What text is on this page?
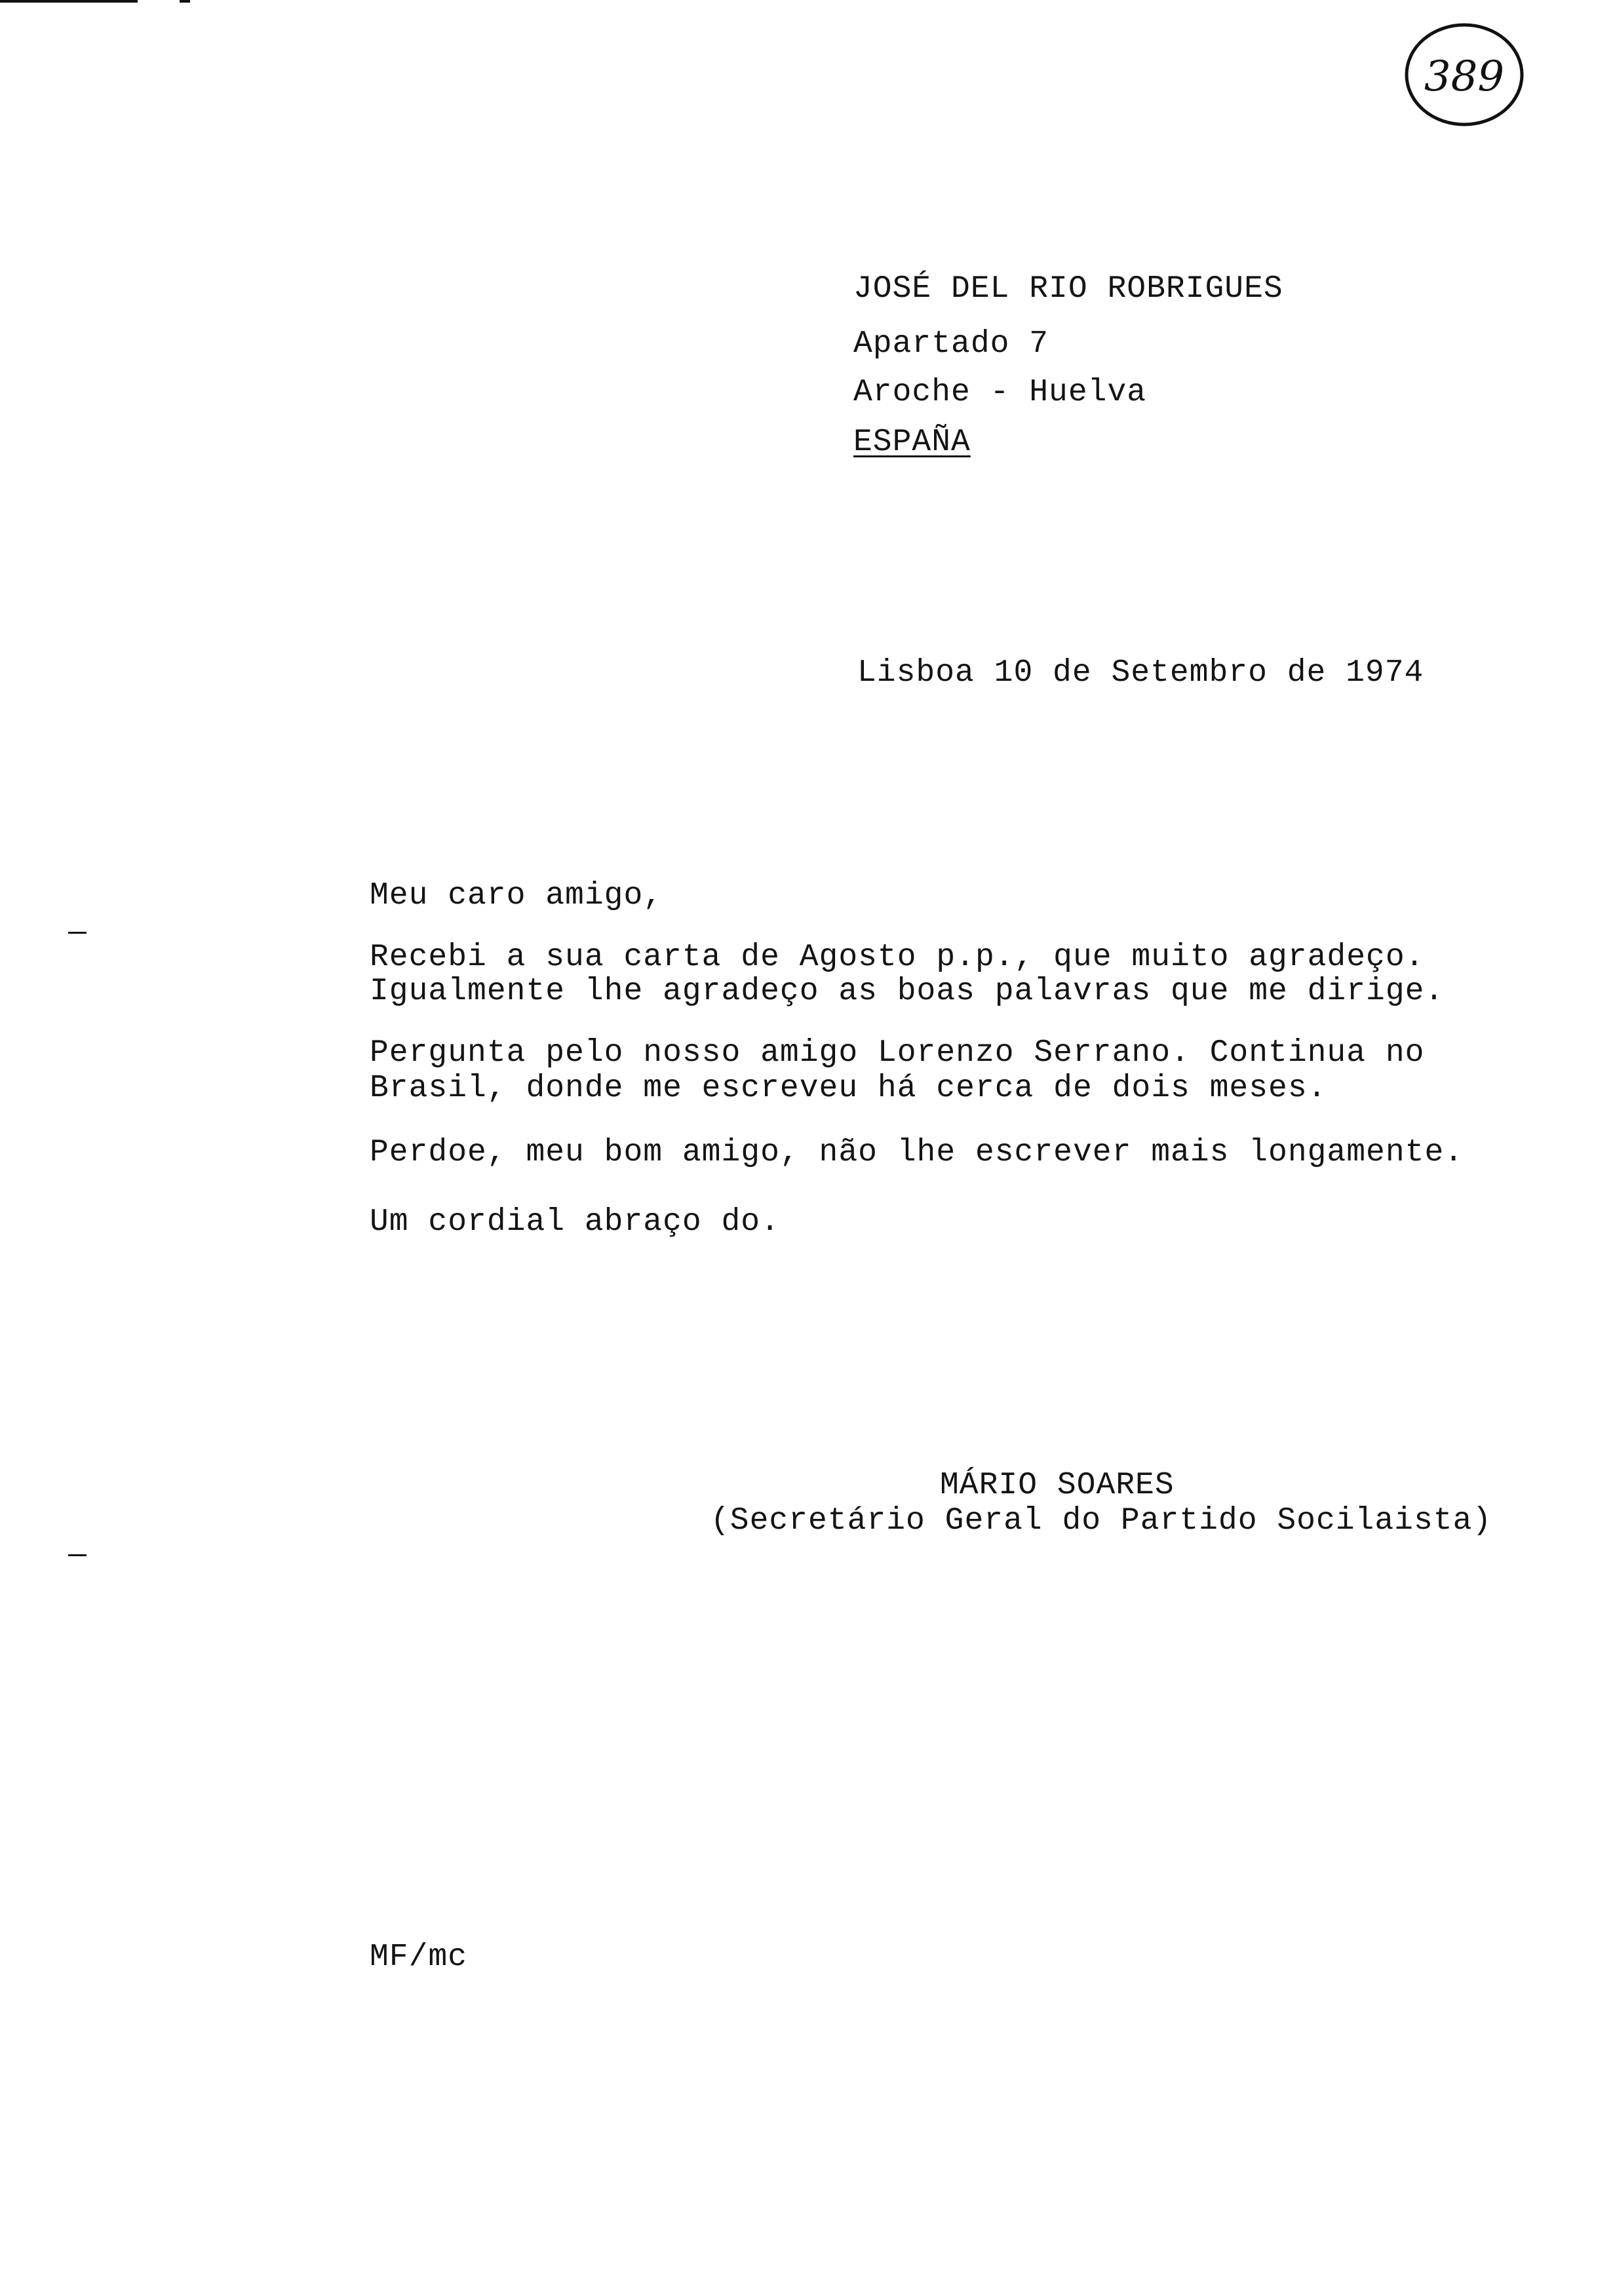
389
JOSÉ DEL RIO ROBRIGUES
Apartado 7
Aroche - Huelva
ESPAÑA
Lisboa 10 de Setembro de 1974
Meu caro amigo,
Recebi a sua carta de Agosto p.p., que muito agradeço.
Igualmente lhe agradeço as boas palavras que me dirige.
Pergunta pelo nosso amigo Lorenzo Serrano. Continua no
Brasil, donde me escreveu há cerca de dois meses.
Perdoe, meu bom amigo, não lhe escrever mais longamente.
Um cordial abraço do.
MÁRIO SOARES
(Secretário Geral do Partido Socilaista)
MF/mc
